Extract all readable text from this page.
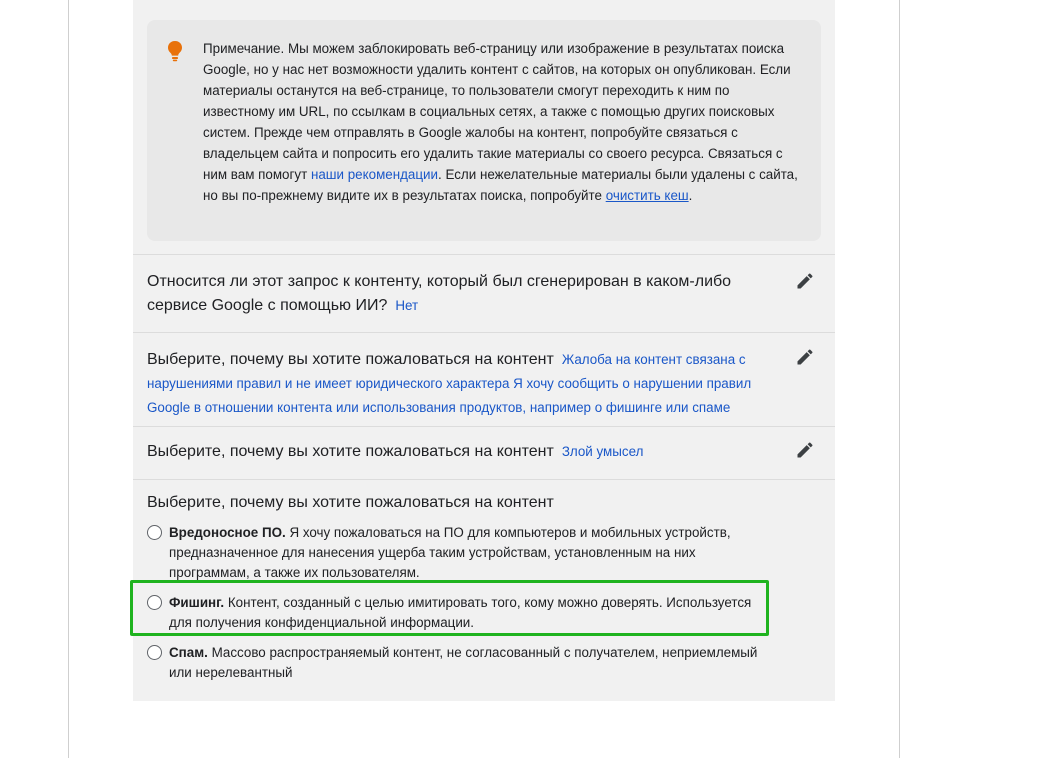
Примечание. Мы можем заблокировать веб-страницу или изображение в результатах поиска Google, но у нас нет возможности удалить контент с сайтов, на которых он опубликован. Если материалы останутся на веб-странице, то пользователи смогут переходить к ним по известному им URL, по ссылкам в социальных сетях, а также с помощью других поисковых систем. Прежде чем отправлять в Google жалобы на контент, попробуйте связаться с владельцем сайта и попросить его удалить такие материалы со своего ресурса. Связаться с ним вам помогут наши рекомендации. Если нежелательные материалы были удалены с сайта, но вы по-прежнему видите их в результатах поиска, попробуйте очистить кеш.
Относится ли этот запрос к контенту, который был сгенерирован в каком-либо сервисе Google с помощью ИИ? Нет
Выберите, почему вы хотите пожаловаться на контент Жалоба на контент связана с нарушениями правил и не имеет юридического характера Я хочу сообщить о нарушении правил Google в отношении контента или использования продуктов, например о фишинге или спаме
Выберите, почему вы хотите пожаловаться на контент Злой умысел
Выберите, почему вы хотите пожаловаться на контент
Вредоносное ПО. Я хочу пожаловаться на ПО для компьютеров и мобильных устройств, предназначенное для нанесения ущерба таким устройствам, установленным на них программам, а также их пользователям.
Фишинг. Контент, созданный с целью имитировать того, кому можно доверять. Используется для получения конфиденциальной информации.
Спам. Массово распространяемый контент, не согласованный с получателем, неприемлемый или нерелевантный
